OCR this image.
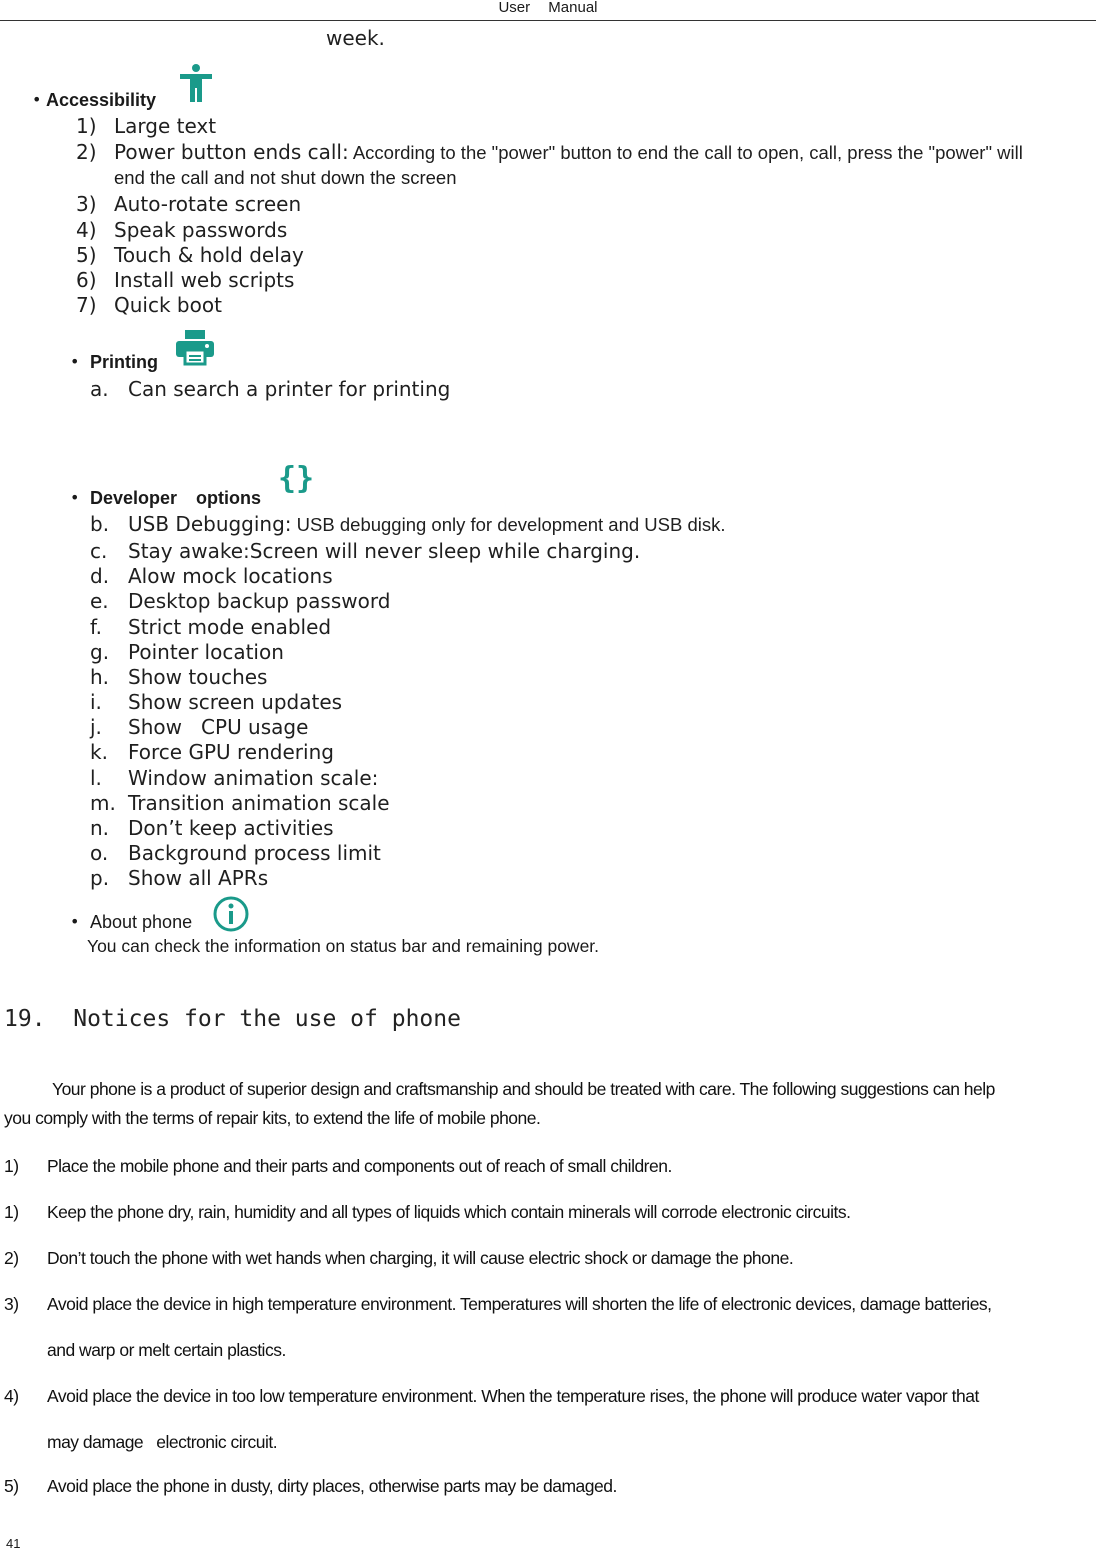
User Manual
week.
• Accessibility
1) Large text
2) Power button ends call: According to the "power" button to end the call to open, call, press the "power" will
end the call and not shut down the screen
3) Auto-rotate screen
4) Speak passwords
5) Touch & hold delay
6) Install web scripts
7) Quick boot
• Printing
a. Can search a printer for printing
• Developer options
{}
b. USB Debugging: USB debugging only for development and USB disk.
c. Stay awake:Screen will never sleep while charging.
d. Alow mock locations
e. Desktop backup password
f. Strict mode enabled
g. Pointer location
h. Show touches
i. Show screen updates
j. Show   CPU usage
k. Force GPU rendering
l. Window animation scale:
m. Transition animation scale
n. Don’t keep activities
o. Background process limit
p. Show all APRs
• About phone
You can check the information on status bar and remaining power.
19.  Notices for the use of phone
Your phone is a product of superior design and craftsmanship and should be treated with care. The following suggestions can help
you comply with the terms of repair kits, to extend the life of mobile phone.
1) Place the mobile phone and their parts and components out of reach of small children.
1) Keep the phone dry, rain, humidity and all types of liquids which contain minerals will corrode electronic circuits.
2) Don’t touch the phone with wet hands when charging, it will cause electric shock or damage the phone.
3) Avoid place the device in high temperature environment. Temperatures will shorten the life of electronic devices, damage batteries,
and warp or melt certain plastics.
4) Avoid place the device in too low temperature environment. When the temperature rises, the phone will produce water vapor that
may damage   electronic circuit.
5) Avoid place the phone in dusty, dirty places, otherwise parts may be damaged.
41
